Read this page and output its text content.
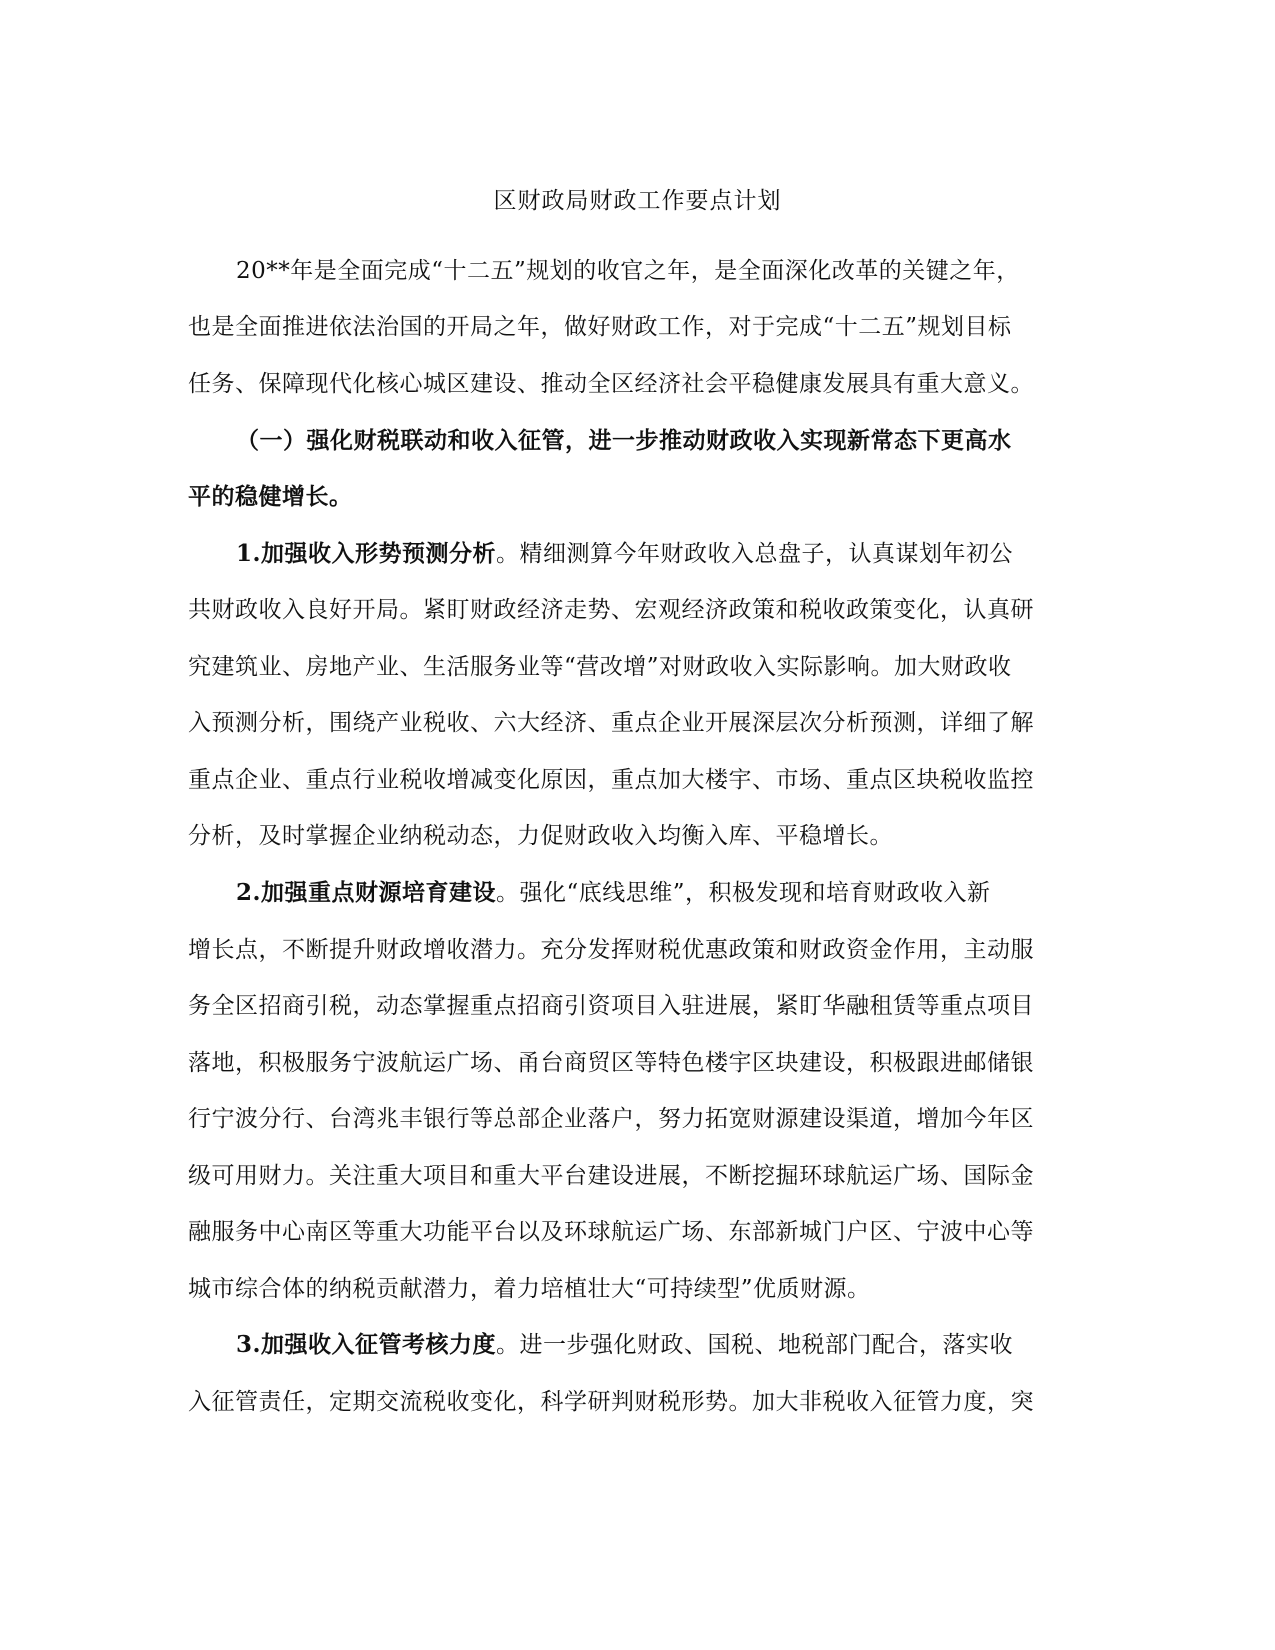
区财政局财政工作要点计划
20**年是全面完成“十二五”规划的收官之年，是全面深化改革的关键之年，
也是全面推进依法治国的开局之年，做好财政工作，对于完成“十二五”规划目标
任务、保障现代化核心城区建设、推动全区经济社会平稳健康发展具有重大意义。
（一）强化财税联动和收入征管，进一步推动财政收入实现新常态下更高水
平的稳健增长。
1.加强收入形势预测分析。精细测算今年财政收入总盘子，认真谋划年初公
共财政收入良好开局。紧盯财政经济走势、宏观经济政策和税收政策变化，认真研
究建筑业、房地产业、生活服务业等“营改增”对财政收入实际影响。加大财政收
入预测分析，围绕产业税收、六大经济、重点企业开展深层次分析预测，详细了解
重点企业、重点行业税收增减变化原因，重点加大楼宇、市场、重点区块税收监控
分析，及时掌握企业纳税动态，力促财政收入均衡入库、平稳增长。
2.加强重点财源培育建设。强化“底线思维”，积极发现和培育财政收入新
增长点，不断提升财政增收潜力。充分发挥财税优惠政策和财政资金作用，主动服
务全区招商引税，动态掌握重点招商引资项目入驻进展，紧盯华融租赁等重点项目
落地，积极服务宁波航运广场、甬台商贸区等特色楼宇区块建设，积极跟进邮储银
行宁波分行、台湾兆丰银行等总部企业落户，努力拓宽财源建设渠道，增加今年区
级可用财力。关注重大项目和重大平台建设进展，不断挖掘环球航运广场、国际金
融服务中心南区等重大功能平台以及环球航运广场、东部新城门户区、宁波中心等
城市综合体的纳税贡献潜力，着力培植壮大“可持续型”优质财源。
3.加强收入征管考核力度。进一步强化财政、国税、地税部门配合，落实收
入征管责任，定期交流税收变化，科学研判财税形势。加大非税收入征管力度，突
